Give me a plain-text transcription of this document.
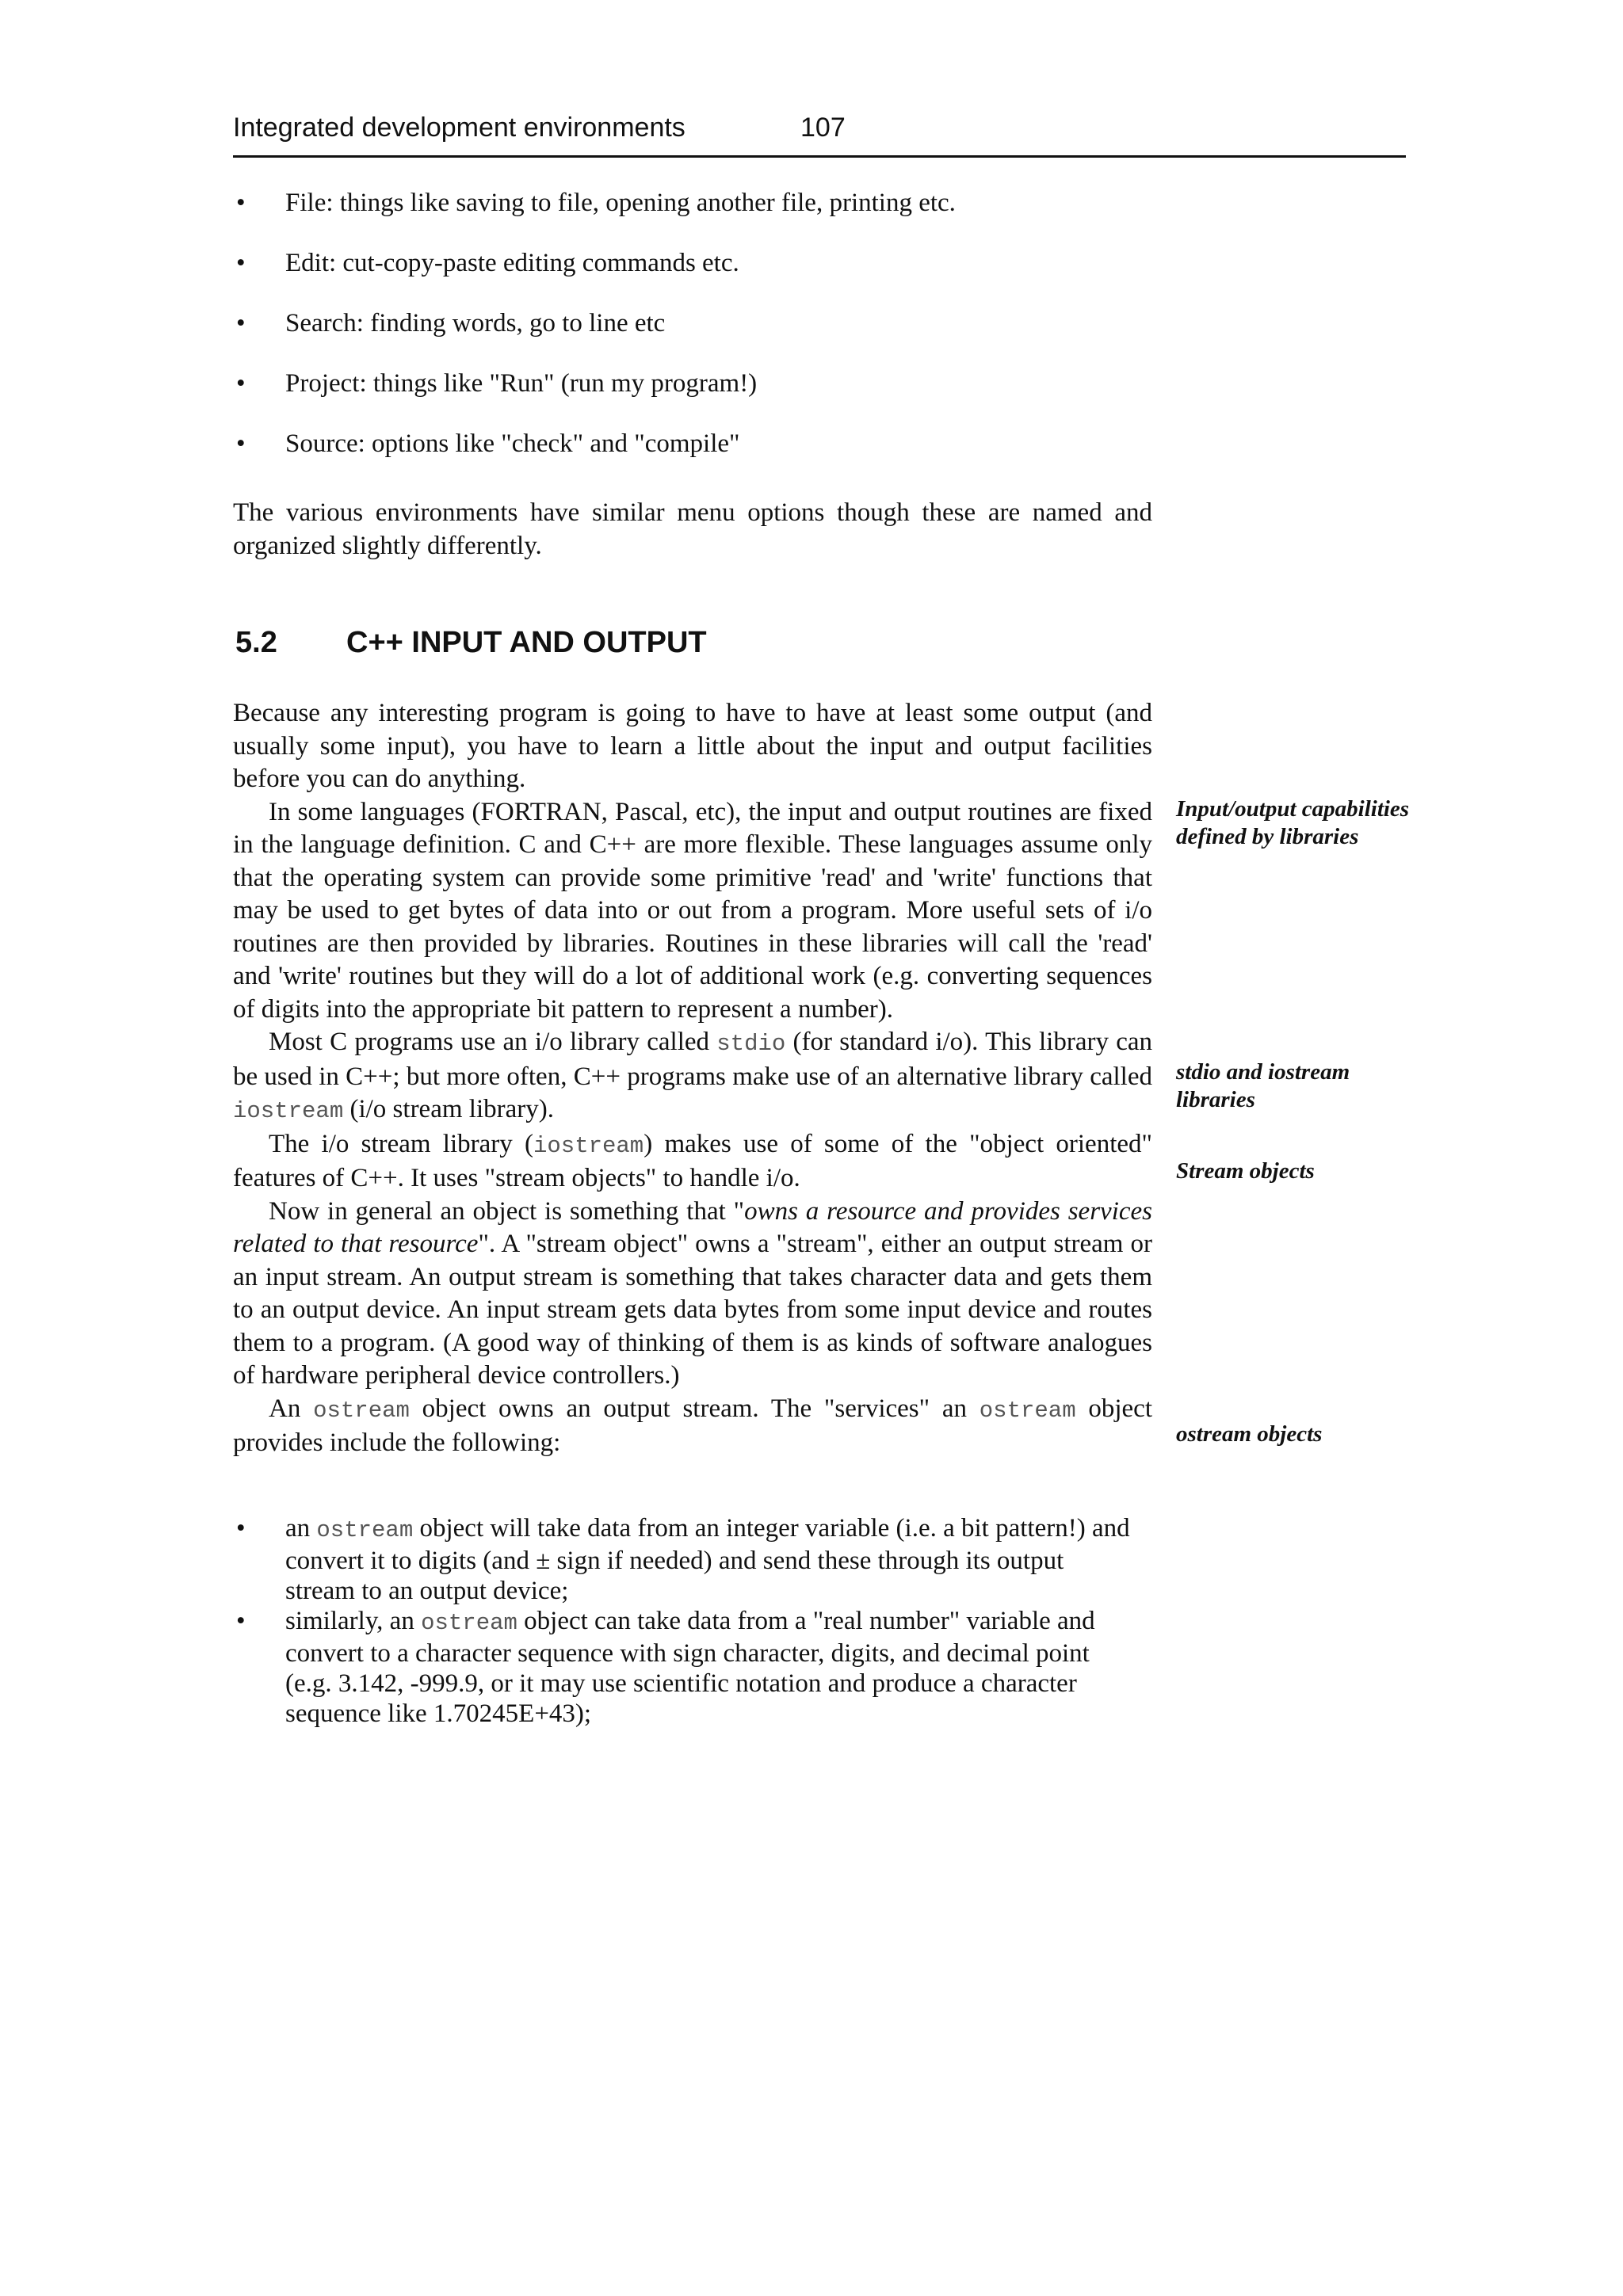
Integrated development environments	107
• File: things like saving to file, opening another file, printing etc.
• Edit: cut-copy-paste editing commands etc.
• Search: finding words, go to line etc
• Project: things like "Run" (run my program!)
• Source: options like "check" and "compile"

The various environments have similar menu options though these are named and organized slightly differently.

5.2 C++ INPUT AND OUTPUT

Because any interesting program is going to have to have at least some output (and usually some input), you have to learn a little about the input and output facilities before you can do anything.

In some languages (FORTRAN, Pascal, etc), the input and output routines are fixed in the language definition. C and C++ are more flexible. These languages assume only that the operating system can provide some primitive 'read' and 'write' functions that may be used to get bytes of data into or out from a program. More useful sets of i/o routines are then provided by libraries. Routines in these libraries will call the 'read' and 'write' routines but they will do a lot of additional work (e.g. converting sequences of digits into the appropriate bit pattern to represent a number).

Most C programs use an i/o library called stdio (for standard i/o). This library can be used in C++; but more often, C++ programs make use of an alternative library called iostream (i/o stream library).

The i/o stream library (iostream) makes use of some of the "object oriented" features of C++. It uses "stream objects" to handle i/o.

Now in general an object is something that "owns a resource and provides services related to that resource". A "stream object" owns a "stream", either an output stream or an input stream. An output stream is something that takes character data and gets them to an output device. An input stream gets data bytes from some input device and routes them to a program. (A good way of thinking of them is as kinds of software analogues of hardware peripheral device controllers.)

An ostream object owns an output stream. The "services" an ostream object provides include the following:

• an ostream object will take data from an integer variable (i.e. a bit pattern!) and convert it to digits (and ± sign if needed) and send these through its output stream to an output device;
• similarly, an ostream object can take data from a "real number" variable and convert to a character sequence with sign character, digits, and decimal point (e.g. 3.142, -999.9, or it may use scientific notation and produce a character sequence like 1.70245E+43);
Input/output capabilities defined by libraries
stdio and iostream libraries
Stream objects
ostream objects
